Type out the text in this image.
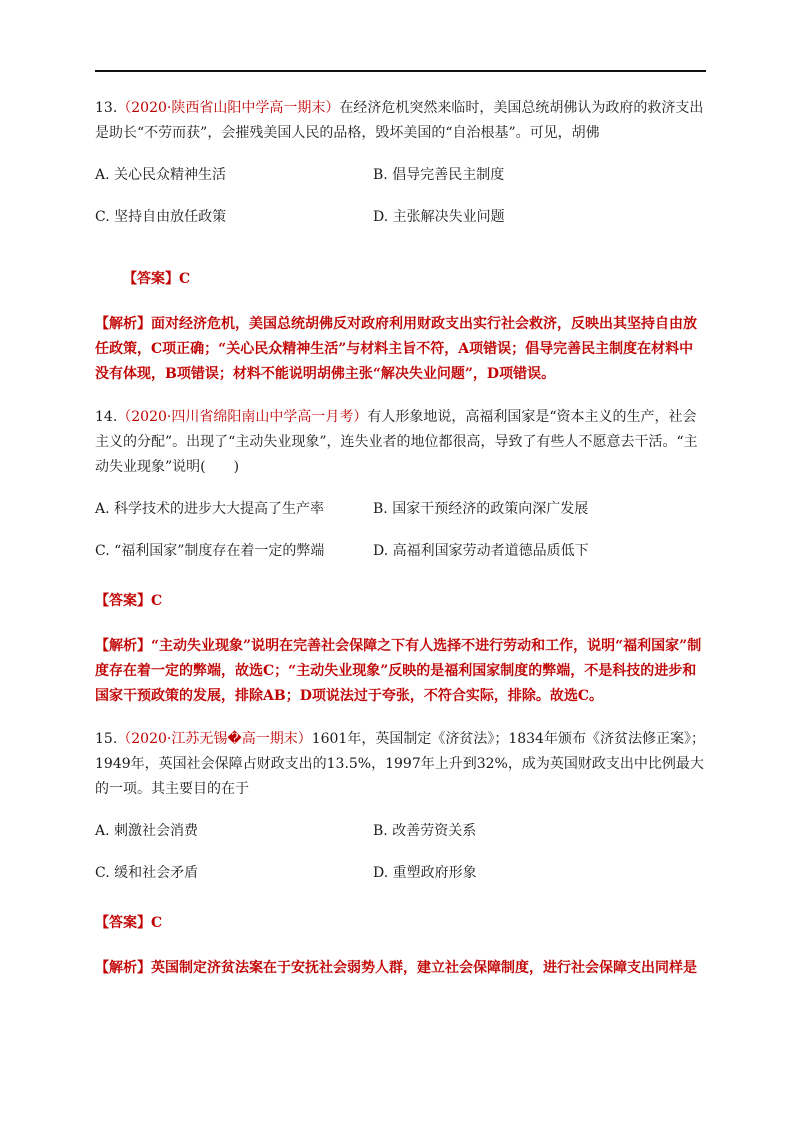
13.（2020·陕西省山阳中学高一期末）在经济危机突然来临时，美国总统胡佛认为政府的救济支出是助长“不劳而获”，会摧残美国人民的品格，毁坏美国的“自治根基”。可见，胡佛

A. 关心民众精神生活	B. 倡导完善民主制度
C. 坚持自由放任政策	D. 主张解决失业问题
【答案】C
【解析】面对经济危机，美国总统胡佛反对政府利用财政支出实行社会救济，反映出其坚持自由放任政策，C项正确；“关心民众精神生活”与材料主旨不符，A项错误；倡导完善民主制度在材料中没有体现，B项错误；材料不能说明胡佛主张“解决失业问题”，D项错误。

14.（2020·四川省绵阳南山中学高一月考）有人形象地说，高福利国家是“资本主义的生产，社会主义的分配”。出现了“主动失业现象”，连失业者的地位都很高，导致了有些人不愿意去干活。“主动失业现象”说明(　　)

A. 科学技术的进步大大提高了生产率	B. 国家干预经济的政策向深广发展
C. “福利国家”制度存在着一定的弊端	D. 高福利国家劳动者道德品质低下
【答案】C
【解析】“主动失业现象”说明在完善社会保障之下有人选择不进行劳动和工作，说明“福利国家”制度存在着一定的弊端，故选C；“主动失业现象”反映的是福利国家制度的弊端，不是科技的进步和国家干预政策的发展，排除AB；D项说法过于夸张，不符合实际，排除。故选C。

15.（2020·江苏无锡�高一期末）1601年，英国制定《济贫法》；1834年颁布《济贫法修正案》；1949年，英国社会保障占财政支出的13.5%，1997年上升到32%，成为英国财政支出中比例最大的一项。其主要目的在于

A. 刺激社会消费	B. 改善劳资关系
C. 缓和社会矛盾	D. 重塑政府形象
【答案】C
【解析】英国制定济贫法案在于安抚社会弱势人群，建立社会保障制度，进行社会保障支出同样是
